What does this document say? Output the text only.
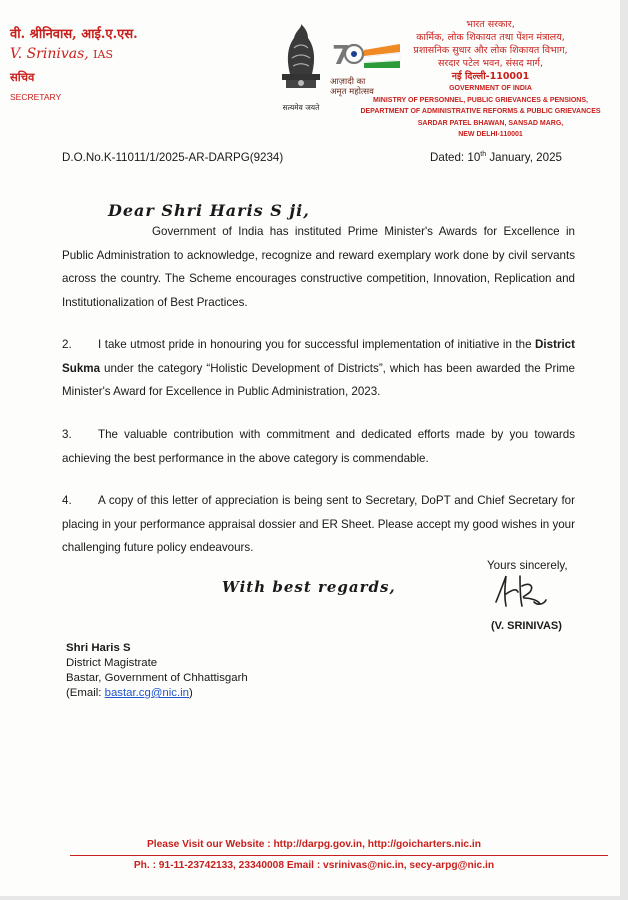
वी. श्रीनिवास, आई.ए.एस.
V. Srinivas, IAS
सचिव
SECRETARY
सत्यमेव जयते
7
आज़ादी का
अमृत महोत्सव
भारत सरकार,
कार्मिक, लोक शिकायत तथा पेंशन मंत्रालय,
प्रशासनिक सुधार और लोक शिकायत विभाग,
सरदार पटेल भवन, संसद मार्ग,
नई दिल्ली-110001
GOVERNMENT OF INDIA
MINISTRY OF PERSONNEL, PUBLIC GRIEVANCES & PENSIONS,
DEPARTMENT OF ADMINISTRATIVE REFORMS & PUBLIC GRIEVANCES
SARDAR PATEL BHAWAN, SANSAD MARG,
NEW DELHI-110001
D.O.No.K-11011/1/2025-AR-DARPG(9234)	Dated: 10th January, 2025
Dear Shri Haris S ji,
Government of India has instituted Prime Minister's Awards for Excellence in Public Administration to acknowledge, recognize and reward exemplary work done by civil servants across the country. The Scheme encourages constructive competition, Innovation, Replication and Institutionalization of Best Practices.
2. I take utmost pride in honouring you for successful implementation of initiative in the District Sukma under the category “Holistic Development of Districts”, which has been awarded the Prime Minister's Award for Excellence in Public Administration, 2023.
3. The valuable contribution with commitment and dedicated efforts made by you towards achieving the best performance in the above category is commendable.
4. A copy of this letter of appreciation is being sent to Secretary, DoPT and Chief Secretary for placing in your performance appraisal dossier and ER Sheet. Please accept my good wishes in your challenging future policy endeavours.
Yours sincerely,
With best regards,
(V. SRINIVAS)
Shri Haris S
District Magistrate
Bastar, Government of Chhattisgarh
(Email: bastar.cg@nic.in)
Please Visit our Website : http://darpg.gov.in, http://goicharters.nic.in
Ph. : 91-11-23742133, 23340008 Email : vsrinivas@nic.in, secy-arpg@nic.in
